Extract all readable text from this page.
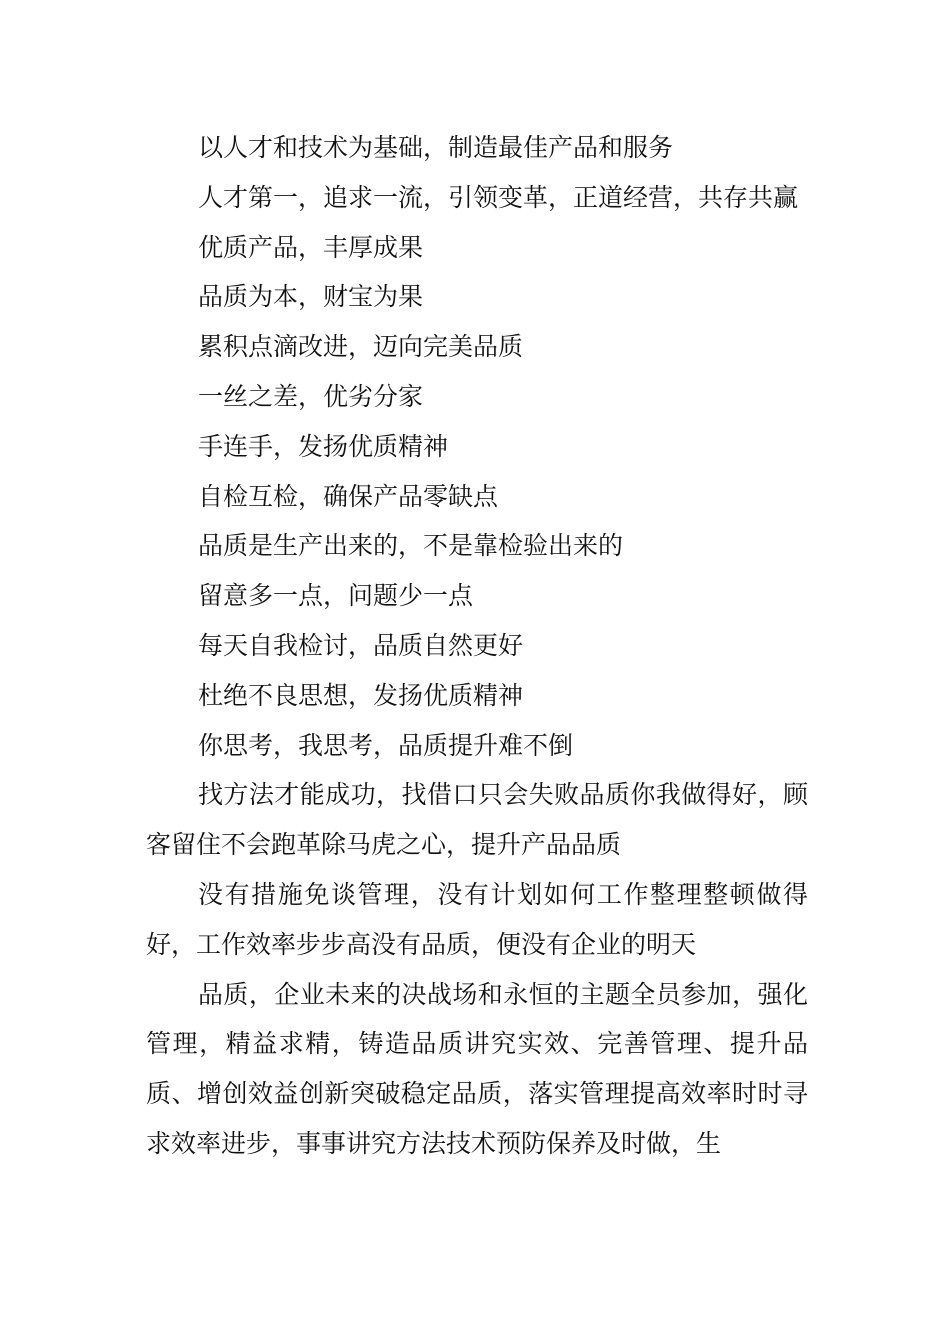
以人才和技术为基础，制造最佳产品和服务

人才第一，追求一流，引领变革，正道经营，共存共赢

优质产品，丰厚成果

品质为本，财宝为果

累积点滴改进，迈向完美品质

一丝之差，优劣分家

手连手，发扬优质精神

自检互检，确保产品零缺点

品质是生产出来的，不是靠检验出来的

留意多一点，问题少一点

每天自我检讨，品质自然更好

杜绝不良思想，发扬优质精神

你思考，我思考，品质提升难不倒

找方法才能成功，找借口只会失败品质你我做得好，顾客留住不会跑革除马虎之心，提升产品品质

没有措施免谈管理，没有计划如何工作整理整顿做得好，工作效率步步高没有品质，便没有企业的明天

品质，企业未来的决战场和永恒的主题全员参加，强化管理，精益求精，铸造品质讲究实效、完善管理、提升品质、增创效益创新突破稳定品质，落实管理提高效率时时寻求效率进步，事事讲究方法技术预防保养及时做，生
